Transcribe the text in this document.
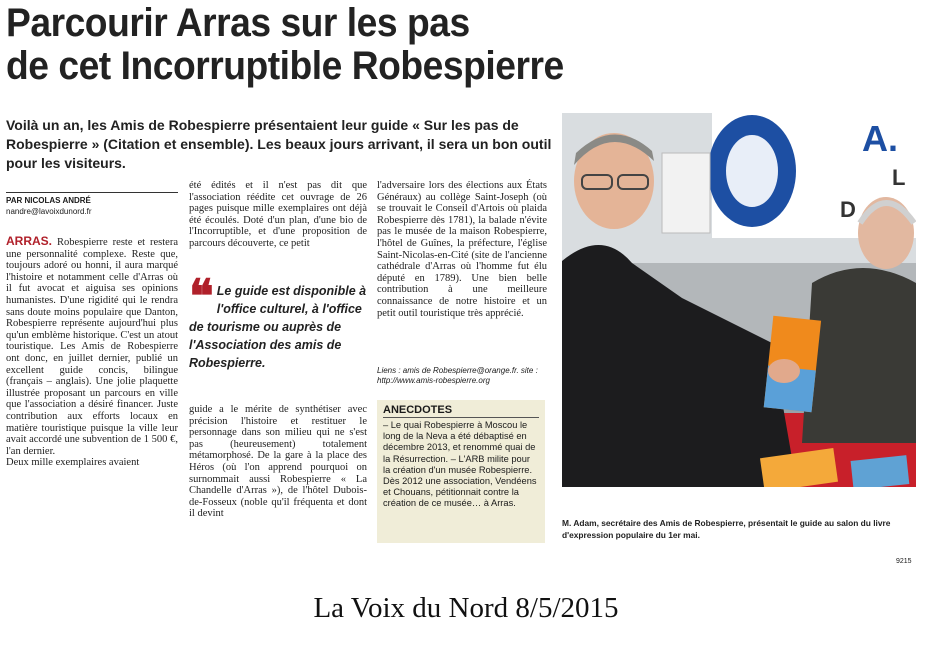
Parcourir Arras sur les pas
de cet Incorruptible Robespierre

Voilà un an, les Amis de Robespierre présentaient leur guide « Sur les pas de Robespierre » (Citation et ensemble). Les beaux jours arrivant, il sera un bon outil pour les visiteurs.

PAR NICOLAS ANDRÉ
nandre@lavoixdunord.fr

ARRAS. Robespierre reste et restera une personnalité complexe. Reste que, toujours adoré ou honni, il aura marqué l'histoire et notamment celle d'Arras où il fut avocat et aiguisa ses opinions humanistes. D'une rigidité qui le rendra sans doute moins populaire que Danton, Robespierre représente aujourd'hui plus qu'un emblème historique. C'est un atout touristique. Les Amis de Robespierre ont donc, en juillet dernier, publié un excellent guide concis, bilingue (français – anglais). Une jolie plaquette illustrée proposant un parcours en ville que l'association a désiré financer. Juste contribution aux efforts locaux en matière touristique puisque la ville leur avait accordé une subvention de 1 500 €, l'an dernier.

Deux mille exemplaires avaient

été édités et il n'est pas dit que l'association réédite cet ouvrage de 26 pages puisque mille exemplaires ont déjà été écoulés. Doté d'un plan, d'une bio de l'Incorruptible, et d'une proposition de parcours découverte, ce petit

❝ Le guide est disponible à l'office culturel, à l'office de tourisme ou auprès de l'Association des amis de Robespierre.

guide a le mérite de synthétiser avec précision l'histoire et restituer le personnage dans son milieu qui ne s'est pas (heureusement) totalement métamorphosé. De la gare à la place des Héros (où l'on apprend pourquoi on surnommait aussi Robespierre « La Chandelle d'Arras »), de l'hôtel Dubois-de-Fosseux (noble qu'il fréquenta et dont il devint

l'adversaire lors des élections aux États Généraux) au collège Saint-Joseph (où se trouvait le Conseil d'Artois où plaida Robespierre dès 1781), la balade n'évite pas le musée de la maison Robespierre, l'hôtel de Guînes, la préfecture, l'église Saint-Nicolas-en-Cité (site de l'ancienne cathédrale d'Arras où l'homme fut élu député en 1789). Une bien belle contribution à une meilleure connaissance de notre histoire et un petit outil touristique très apprécié.

Liens : amis de Robespierre@orange.fr. site : http://www.amis-robespierre.org
ANECDOTES
– Le quai Robespierre à Moscou le long de la Neva a été débaptisé en décembre 2013, et renommé quai de la Résurrection. – L'ARB milite pour la création d'un musée Robespierre. Dès 2012 une association, Vendéens et Chouans, pétitionnait contre la création de ce musée… à Arras.
A.
L
D
M. Adam, secrétaire des Amis de Robespierre, présentait le guide au salon du livre d'expression populaire du 1er mai.
9215
La Voix du Nord 8/5/2015
